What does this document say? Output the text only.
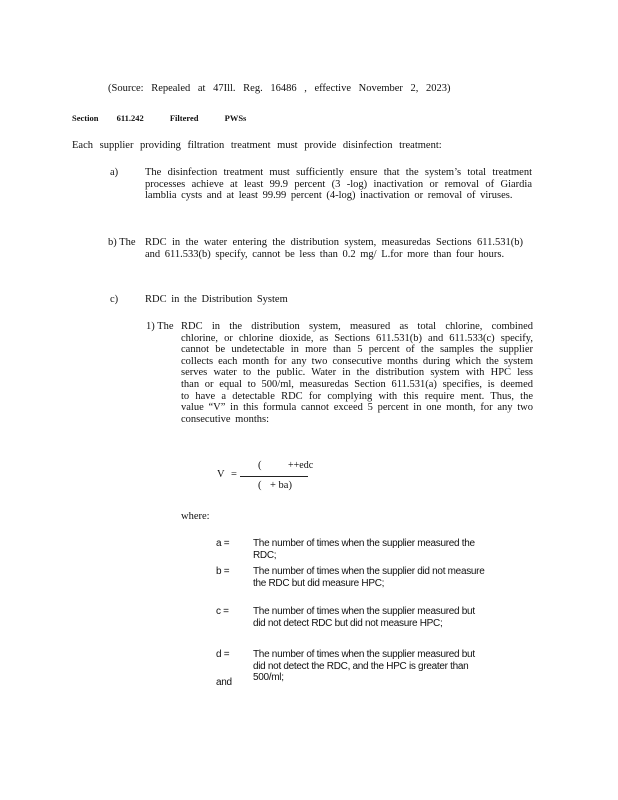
(Source: Repealed at 47Ill. Reg. 16486 , effective November 2, 2023)
Section 611.242	Filtered	PWSs
Each supplier providing filtration treatment must provide disinfection treatment:
a)	The disinfection treatment must sufficiently ensure that the system’s total treatment processes achieve at least 99.9 percent (3 -log) inactivation or removal of Giardia lamblia cysts and at least 99.99 percent (4-log) inactivation or removal of viruses.
b) The RDC in the water entering the distribution system, measuredas Sections 611.531(b) and 611.533(b) specify, cannot be less than 0.2 mg/ L.for more than four hours.
c)	RDC in the Distribution System
1) The RDC in the distribution system, measured as total chlorine, combined chlorine, or chlorine dioxide, as Sections 611.531(b) and 611.533(c) specify, cannot be undetectable in more than 5 percent of the samples the supplier collects each month for any two consecutive months during which the system serves water to the public. Water in the distribution system with HPC less than or equal to 500/ml, measuredas Section 611.531(a) specifies, is deemed to have a detectable RDC for complying with this require ment. Thus, the value “V” in this formula cannot exceed 5 percent in one month, for any two consecutive months:
V =
(	++edc
( + ba)
where:
a = The number of times when the supplier measured the RDC;
b = The number of times when the supplier did not measure the RDC but did measure HPC;
c = The number of times when the supplier measured but did not detect RDC but did not measure HPC;
d = The number of times when the supplier measured but did not detect the RDC, and the HPC is greater than 500/ml;
and
